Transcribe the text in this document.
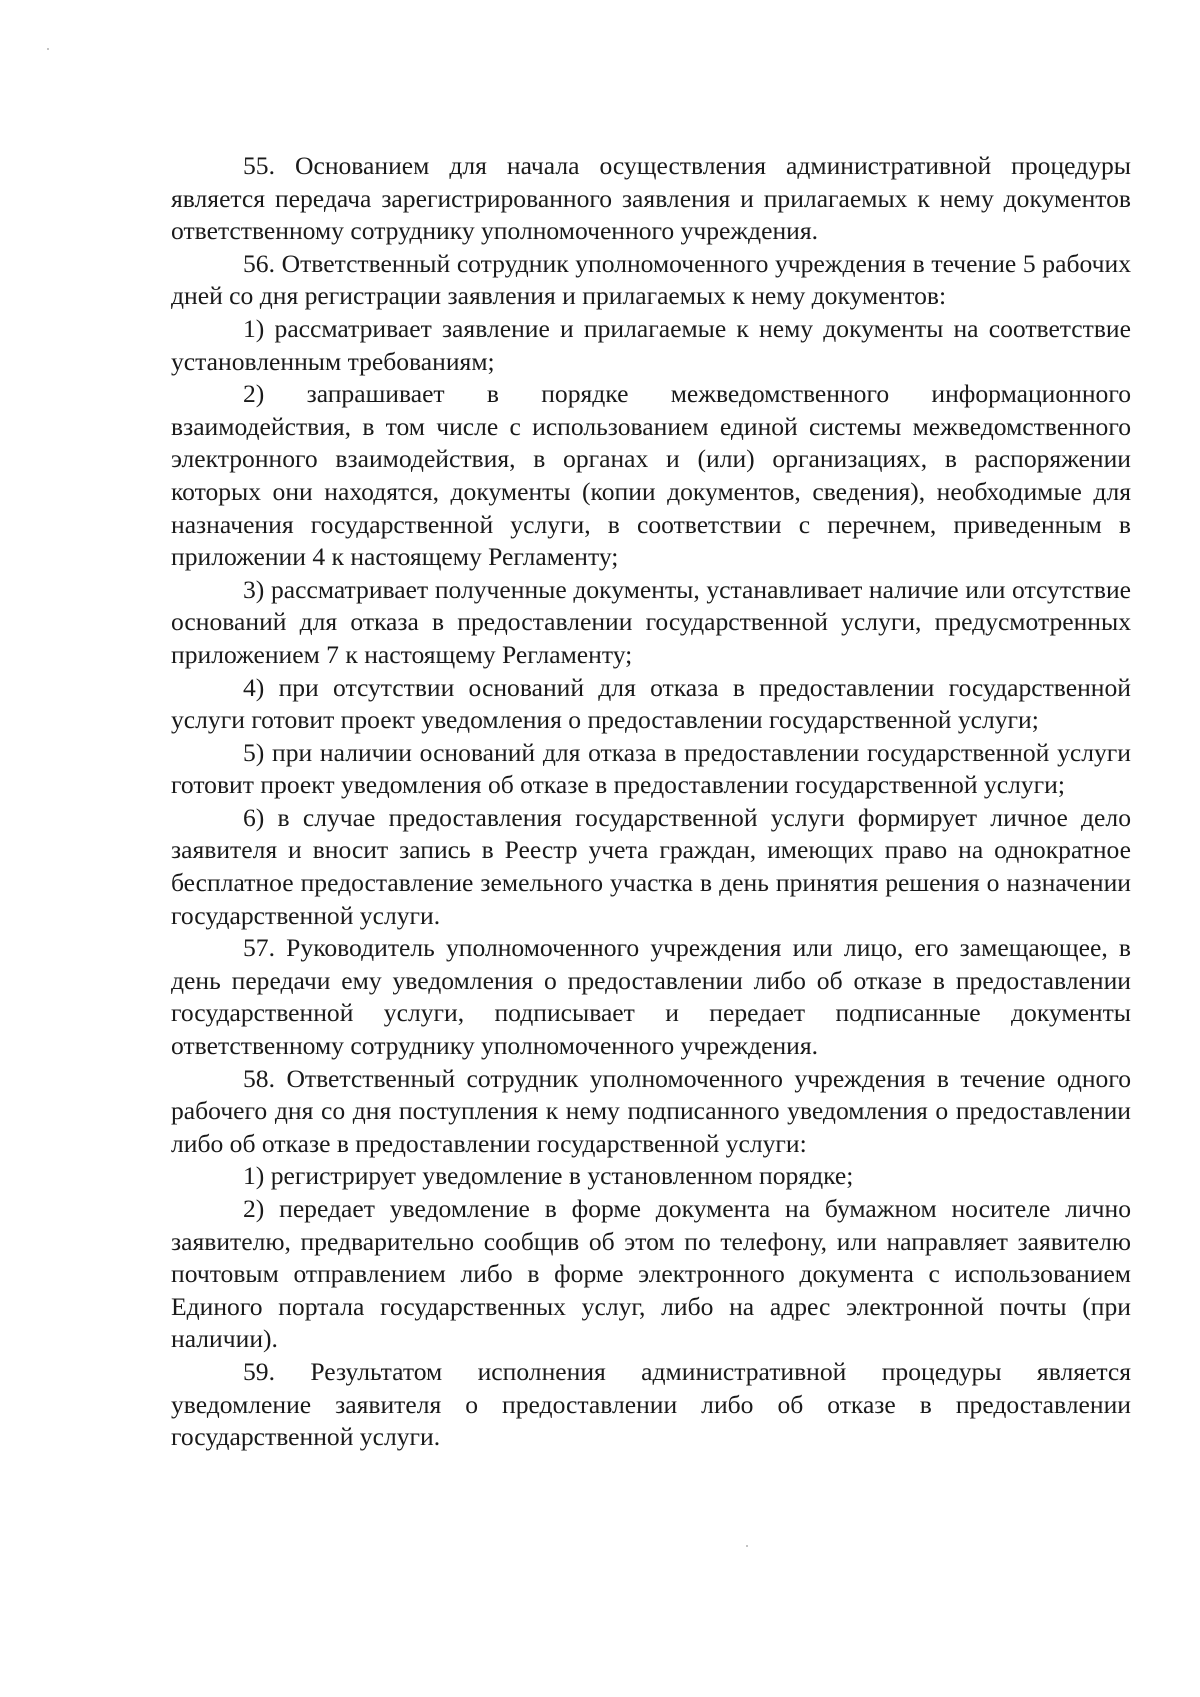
55. Основанием для начала осуществления административной процедуры является передача зарегистрированного заявления и прилагаемых к нему документов ответственному сотруднику уполномоченного учреждения.

56. Ответственный сотрудник уполномоченного учреждения в течение 5 рабочих дней со дня регистрации заявления и прилагаемых к нему документов:

1) рассматривает заявление и прилагаемые к нему документы на соответствие установленным требованиям;

2) запрашивает в порядке межведомственного информационного взаимодействия, в том числе с использованием единой системы межведомственного электронного взаимодействия, в органах и (или) организациях, в распоряжении которых они находятся, документы (копии документов, сведения), необходимые для назначения государственной услуги, в соответствии с перечнем, приведенным в приложении 4 к настоящему Регламенту;

3) рассматривает полученные документы, устанавливает наличие или отсутствие оснований для отказа в предоставлении государственной услуги, предусмотренных приложением 7 к настоящему Регламенту;

4) при отсутствии оснований для отказа в предоставлении государственной услуги готовит проект уведомления о предоставлении государственной услуги;

5) при наличии оснований для отказа в предоставлении государственной услуги готовит проект уведомления об отказе в предоставлении государственной услуги;

6) в случае предоставления государственной услуги формирует личное дело заявителя и вносит запись в Реестр учета граждан, имеющих право на однократное бесплатное предоставление земельного участка в день принятия решения о назначении государственной услуги.

57. Руководитель уполномоченного учреждения или лицо, его замещающее, в день передачи ему уведомления о предоставлении либо об отказе в предоставлении государственной услуги, подписывает и передает подписанные документы ответственному сотруднику уполномоченного учреждения.

58. Ответственный сотрудник уполномоченного учреждения в течение одного рабочего дня со дня поступления к нему подписанного уведомления о предоставлении либо об отказе в предоставлении государственной услуги:

1) регистрирует уведомление в установленном порядке;

2) передает уведомление в форме документа на бумажном носителе лично заявителю, предварительно сообщив об этом по телефону, или направляет заявителю почтовым отправлением либо в форме электронного документа с использованием Единого портала государственных услуг, либо на адрес электронной почты (при наличии).

59. Результатом исполнения административной процедуры является уведомление заявителя о предоставлении либо об отказе в предоставлении государственной услуги.
